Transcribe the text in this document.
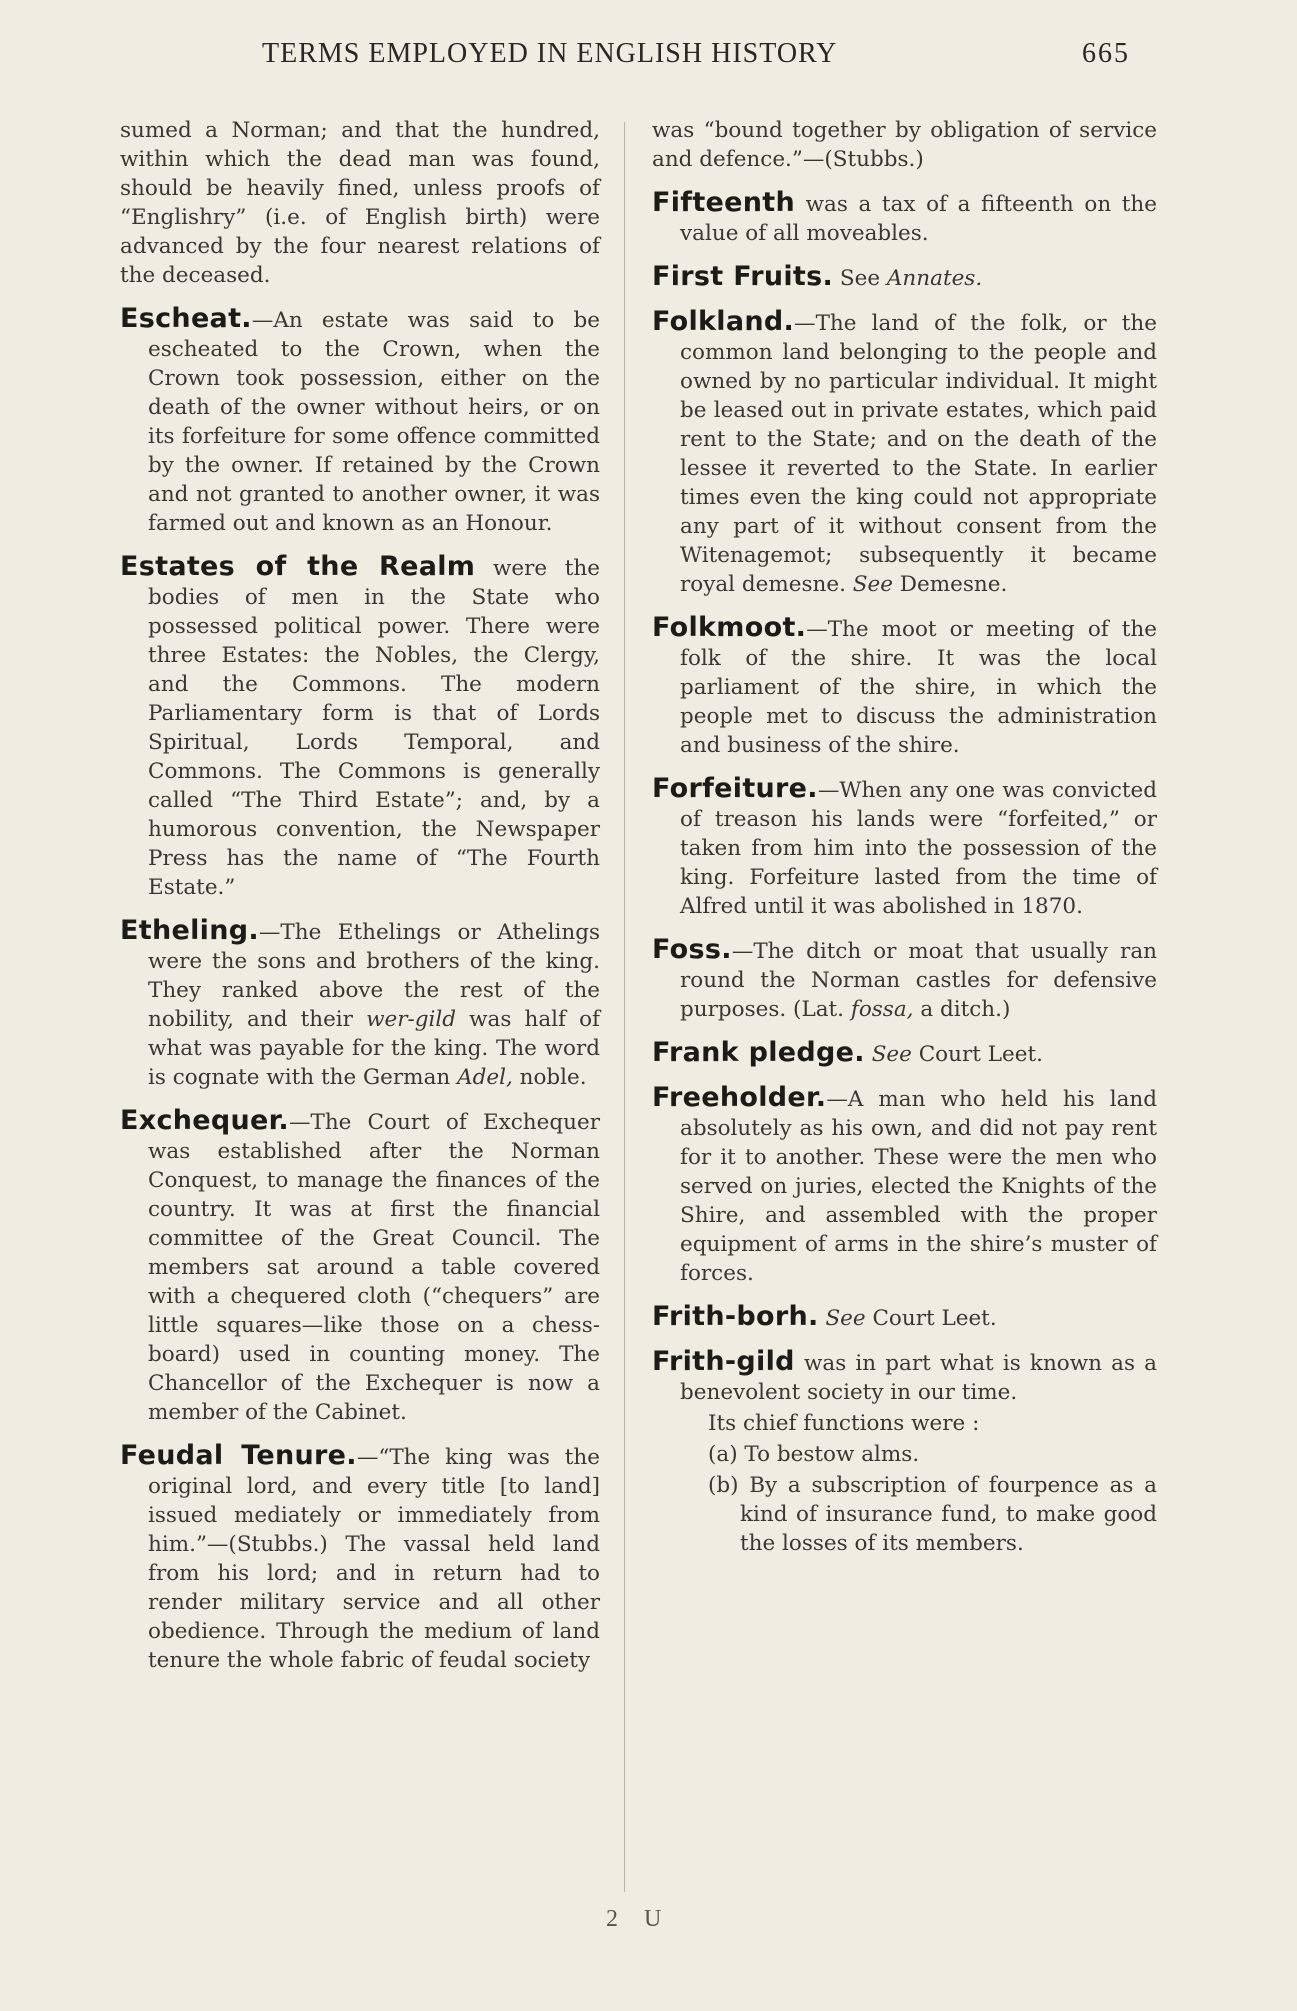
TERMS EMPLOYED IN ENGLISH HISTORY	665

sumed a Norman; and that the hundred, within which the dead man was found, should be heavily fined, unless proofs of “Englishry” (i.e. of English birth) were advanced by the four nearest relations of the deceased.

Escheat.—An estate was said to be escheated to the Crown, when the Crown took possession, either on the death of the owner without heirs, or on its forfeiture for some offence committed by the owner. If retained by the Crown and not granted to another owner, it was farmed out and known as an Honour.

Estates of the Realm were the bodies of men in the State who possessed political power. There were three Estates: the Nobles, the Clergy, and the Commons. The modern Parliamentary form is that of Lords Spiritual, Lords Temporal, and Commons. The Commons is generally called “The Third Estate”; and, by a humorous convention, the Newspaper Press has the name of “The Fourth Estate.”

Etheling.—The Ethelings or Athelings were the sons and brothers of the king. They ranked above the rest of the nobility, and their wer-gild was half of what was payable for the king. The word is cognate with the German Adel, noble.

Exchequer.—The Court of Exchequer was established after the Norman Conquest, to manage the finances of the country. It was at first the financial committee of the Great Council. The members sat around a table covered with a chequered cloth (“chequers” are little squares—like those on a chess-board) used in counting money. The Chancellor of the Exchequer is now a member of the Cabinet.

Feudal Tenure.—“The king was the original lord, and every title [to land] issued mediately or immediately from him.”—(Stubbs.) The vassal held land from his lord; and in return had to render military service and all other obedience. Through the medium of land tenure the whole fabric of feudal society

was “bound together by obligation of service and defence.”—(Stubbs.)

Fifteenth was a tax of a fifteenth on the value of all moveables.

First Fruits. See Annates.

Folkland.—The land of the folk, or the common land belonging to the people and owned by no particular individual. It might be leased out in private estates, which paid rent to the State; and on the death of the lessee it reverted to the State. In earlier times even the king could not appropriate any part of it without consent from the Witenagemot; subsequently it became royal demesne. See Demesne.

Folkmoot.—The moot or meeting of the folk of the shire. It was the local parliament of the shire, in which the people met to discuss the administration and business of the shire.

Forfeiture.—When any one was convicted of treason his lands were “forfeited,” or taken from him into the possession of the king. Forfeiture lasted from the time of Alfred until it was abolished in 1870.

Foss.—The ditch or moat that usually ran round the Norman castles for defensive purposes. (Lat. fossa, a ditch.)

Frank pledge. See Court Leet.

Freeholder.—A man who held his land absolutely as his own, and did not pay rent for it to another. These were the men who served on juries, elected the Knights of the Shire, and assembled with the proper equipment of arms in the shire’s muster of forces.

Frith-borh. See Court Leet.

Frith-gild was in part what is known as a benevolent society in our time.

Its chief functions were :

(a) To bestow alms.

(b) By a subscription of fourpence as a kind of insurance fund, to make good the losses of its members.

2 U
